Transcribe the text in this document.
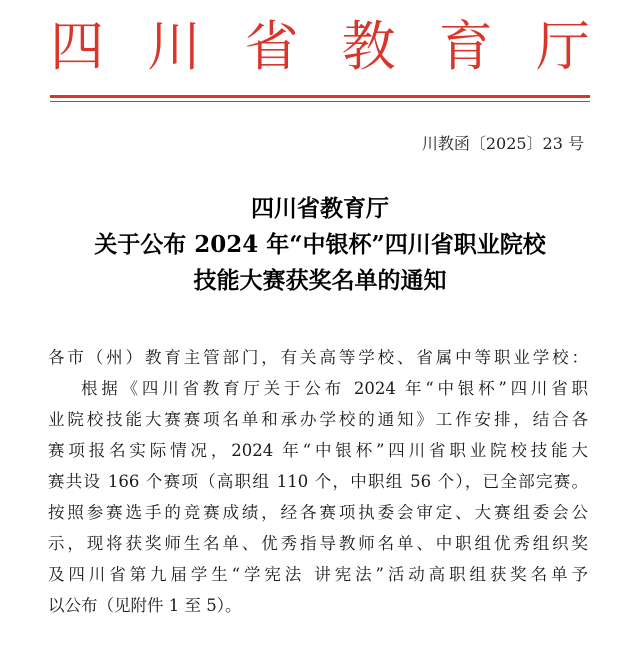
四 川 省 教 育 厅
川教函〔2025〕23 号
四川省教育厅
关于公布 2024 年“中银杯”四川省职业院校
技能大赛获奖名单的通知
各市（州）教育主管部门，有关高等学校、省属中等职业学校：
根据《四川省教育厅关于公布 2024 年“中银杯”四川省职
业院校技能大赛赛项名单和承办学校的通知》工作安排，结合各
赛项报名实际情况，2024 年“中银杯”四川省职业院校技能大
赛共设 166 个赛项（高职组 110 个，中职组 56 个），已全部完赛。
按照参赛选手的竞赛成绩，经各赛项执委会审定、大赛组委会公
示，现将获奖师生名单、优秀指导教师名单、中职组优秀组织奖
及四川省第九届学生“学宪法 讲宪法”活动高职组获奖名单予
以公布（见附件 1 至 5）。
